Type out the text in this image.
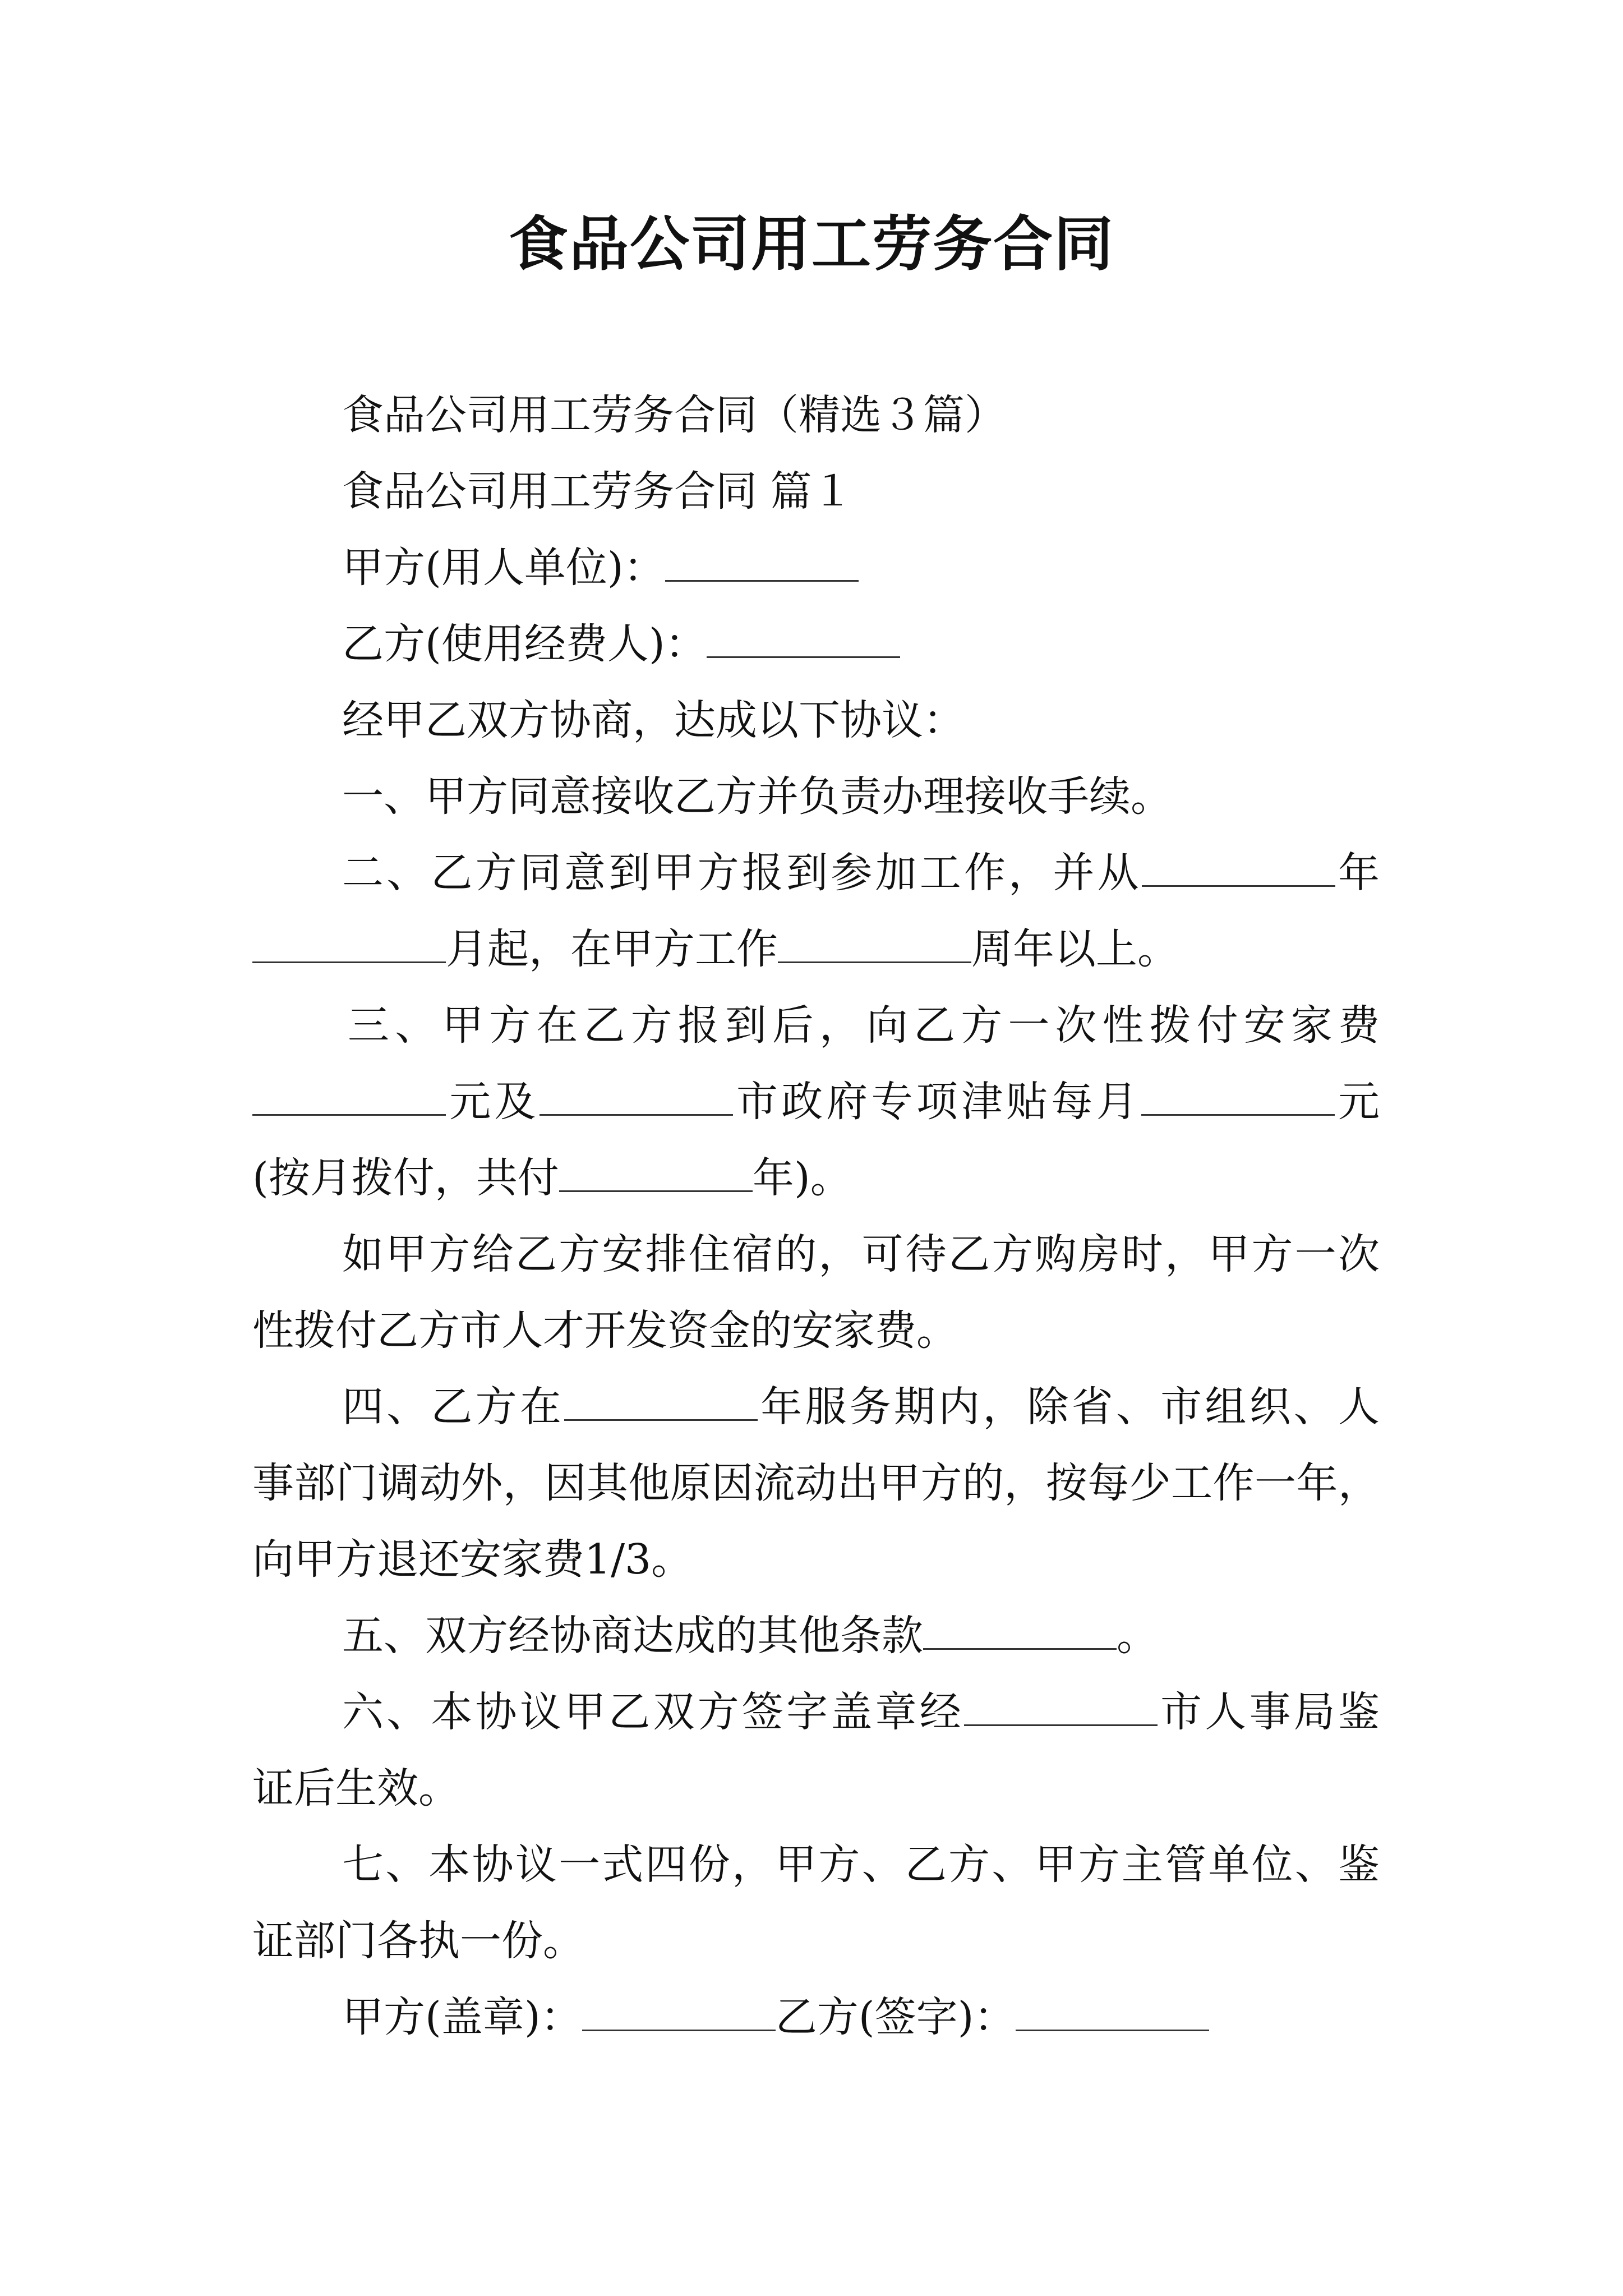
食品公司用工劳务合同
食品公司用工劳务合同（精选３篇）
食品公司用工劳务合同 篇１
甲方(用人单位)：
乙方(使用经费人)：
经甲乙双方协商，达成以下协议：
一、甲方同意接收乙方并负责办理接收手续。
二、乙方同意到甲方报到参加工作，并从	年
月起，在甲方工作	周年以上。
三、甲方在乙方报到后，向乙方一次性拨付安家费
元及	市政府专项津贴每月	元
(按月拨付，共付	年)。
如甲方给乙方安排住宿的，可待乙方购房时，甲方一次
性拨付乙方市人才开发资金的安家费。
四、乙方在	年服务期内，除省、市组织、人
事部门调动外，因其他原因流动出甲方的，按每少工作一年，
向甲方退还安家费1/3。
五、双方经协商达成的其他条款	。
六、本协议甲乙双方签字盖章经	市人事局鉴
证后生效。
七、本协议一式四份，甲方、乙方、甲方主管单位、鉴
证部门各执一份。
甲方(盖章)：	乙方(签字)：
